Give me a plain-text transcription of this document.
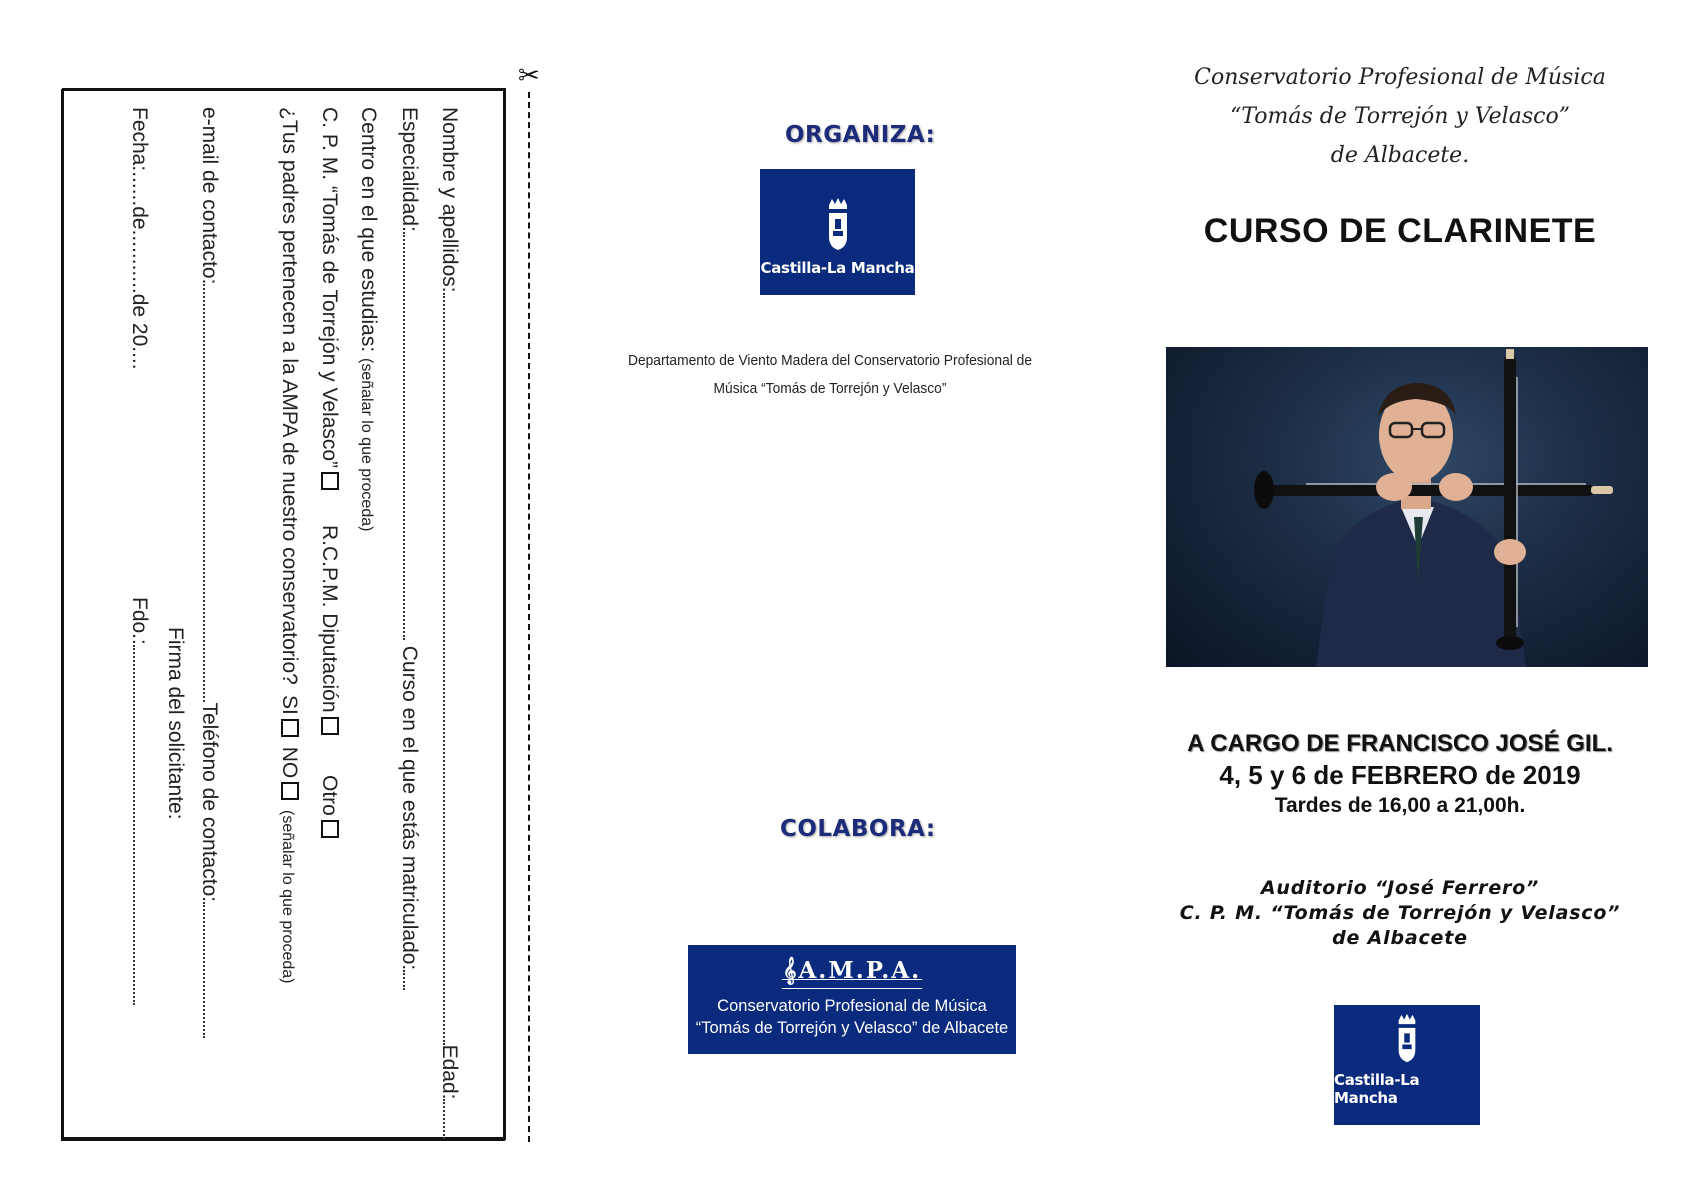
Nombre y apellidos:Edad:
Especialidad: Curso en el que estás matriculado:
Centro en el que estudias: (señalar lo que proceda)
C. P. M. “Tomás de Torrejón y Velasco”
R.C.P.M. Diputación
Otro
¿Tus padres pertenecen a la AMPA de nuestro conservatorio?
SI NO (señalar lo que proceda)
e-mail de contacto:Teléfono de contacto:
Firma del solicitante:
Fecha:......de...........de 20....
Fdo.:
✂
ORGANIZA:
Castilla-La Mancha
Departamento de Viento Madera del Conservatorio Profesional de
Música “Tomás de Torrejón y Velasco”
COLABORA:
𝄞A.M.P.A.
Conservatorio Profesional de Música
“Tomás de Torrejón y Velasco” de Albacete
Conservatorio Profesional de Música
“Tomás de Torrejón y Velasco”
de Albacete.
CURSO DE CLARINETE
A CARGO DE FRANCISCO JOSÉ GIL.
4, 5 y 6 de FEBRERO de 2019
Tardes de 16,00 a 21,00h.
Auditorio “José Ferrero”
C. P. M. “Tomás de Torrejón y Velasco”
de Albacete
Castilla-La Mancha
